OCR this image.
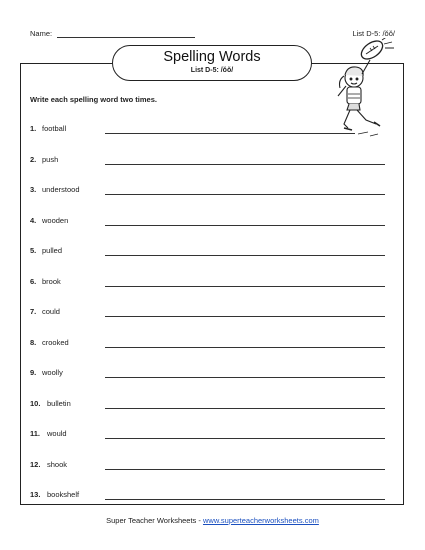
Name:	List D-5: /ŏŏ/
Spelling Words
List D-5: /ŏŏ/
Write each spelling word two times.
1. football
2. push
3. understood
4. wooden
5. pulled
6. brook
7. could
8. crooked
9. woolly
10. bulletin
11. would
12. shook
13. bookshelf
Super Teacher Worksheets - www.superteacherworksheets.com
